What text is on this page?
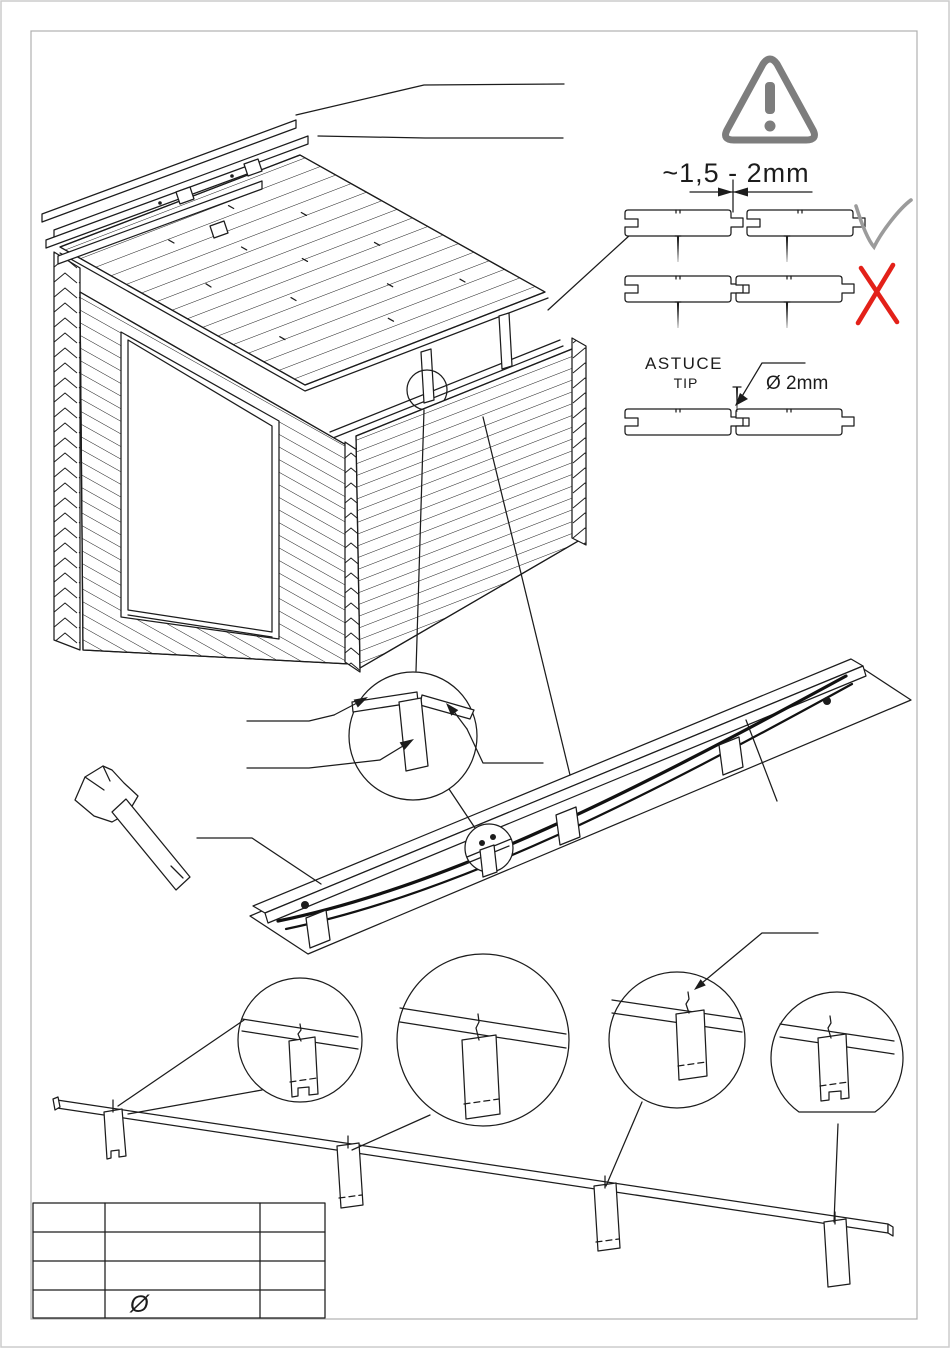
~1,5 - 2mm
ASTUCE
TIP	Ø 2mm
Ø
